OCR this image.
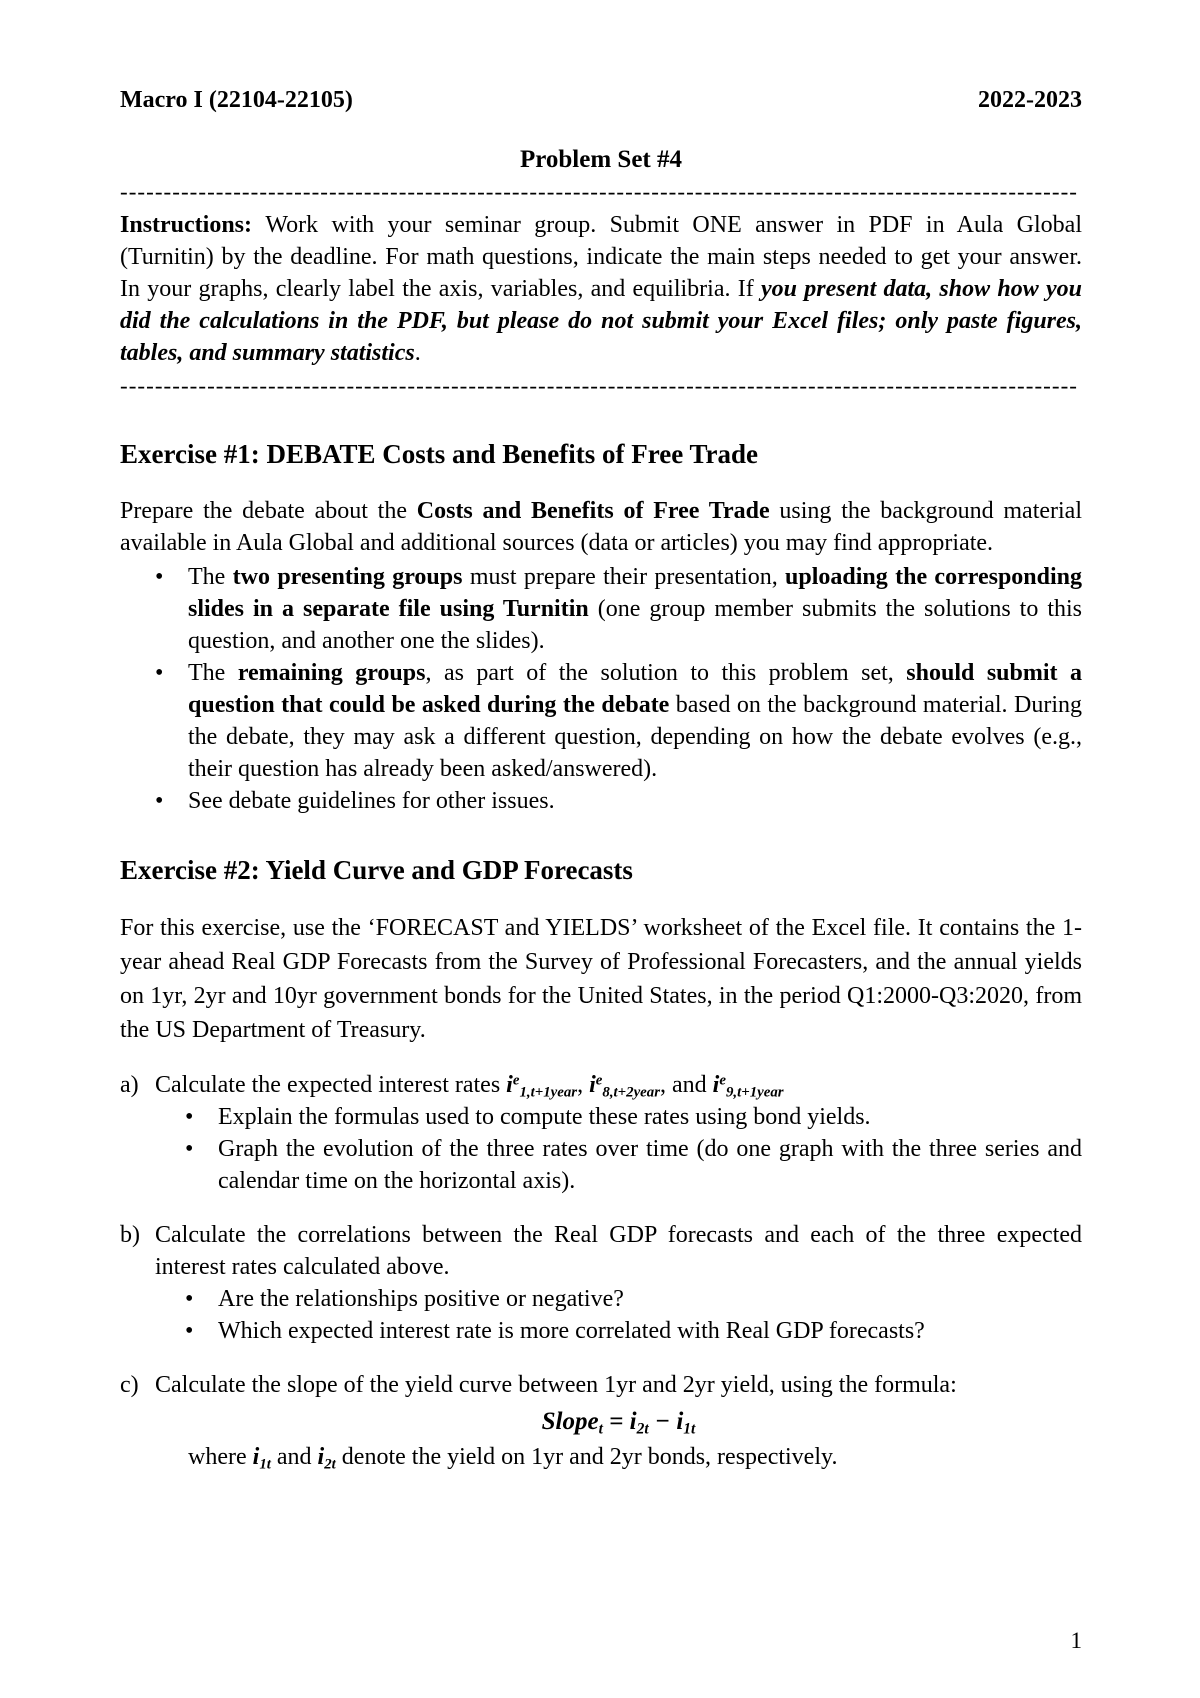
Macro I (22104-22105)	2022-2023
Problem Set #4
--------------------------------------------------------------------------------------------------------------

Instructions: Work with your seminar group. Submit ONE answer in PDF in Aula Global (Turnitin) by the deadline. For math questions, indicate the main steps needed to get your answer. In your graphs, clearly label the axis, variables, and equilibria. If you present data, show how you did the calculations in the PDF, but please do not submit your Excel files; only paste figures, tables, and summary statistics.

--------------------------------------------------------------------------------------------------------------
Exercise #1: DEBATE Costs and Benefits of Free Trade

Prepare the debate about the Costs and Benefits of Free Trade using the background material available in Aula Global and additional sources (data or articles) you may find appropriate.

•	The two presenting groups must prepare their presentation, uploading the corresponding slides in a separate file using Turnitin (one group member submits the solutions to this question, and another one the slides).

•	The remaining groups, as part of the solution to this problem set, should submit a question that could be asked during the debate based on the background material. During the debate, they may ask a different question, depending on how the debate evolves (e.g., their question has already been asked/answered).

•	See debate guidelines for other issues.

Exercise #2: Yield Curve and GDP Forecasts

For this exercise, use the ‘FORECAST and YIELDS’ worksheet of the Excel file. It contains the 1-year ahead Real GDP Forecasts from the Survey of Professional Forecasters, and the annual yields on 1yr, 2yr and 10yr government bonds for the United States, in the period Q1:2000-Q3:2020, from the US Department of Treasury.

a) Calculate the expected interest rates $i^e_{1,t+1year}$, $i^e_{8,t+2year}$, and $i^e_{9,t+1year}$

•	Explain the formulas used to compute these rates using bond yields.

•	Graph the evolution of the three rates over time (do one graph with the three series and calendar time on the horizontal axis).

b) Calculate the correlations between the Real GDP forecasts and each of the three expected interest rates calculated above.

•	Are the relationships positive or negative?

•	Which expected interest rate is more correlated with Real GDP forecasts?

c) Calculate the slope of the yield curve between 1yr and 2yr yield, using the formula:

Slope$_t$ = $i_{2t} - i_{1t}$

where $i_{1t}$ and $i_{2t}$ denote the yield on 1yr and 2yr bonds, respectively.

1
